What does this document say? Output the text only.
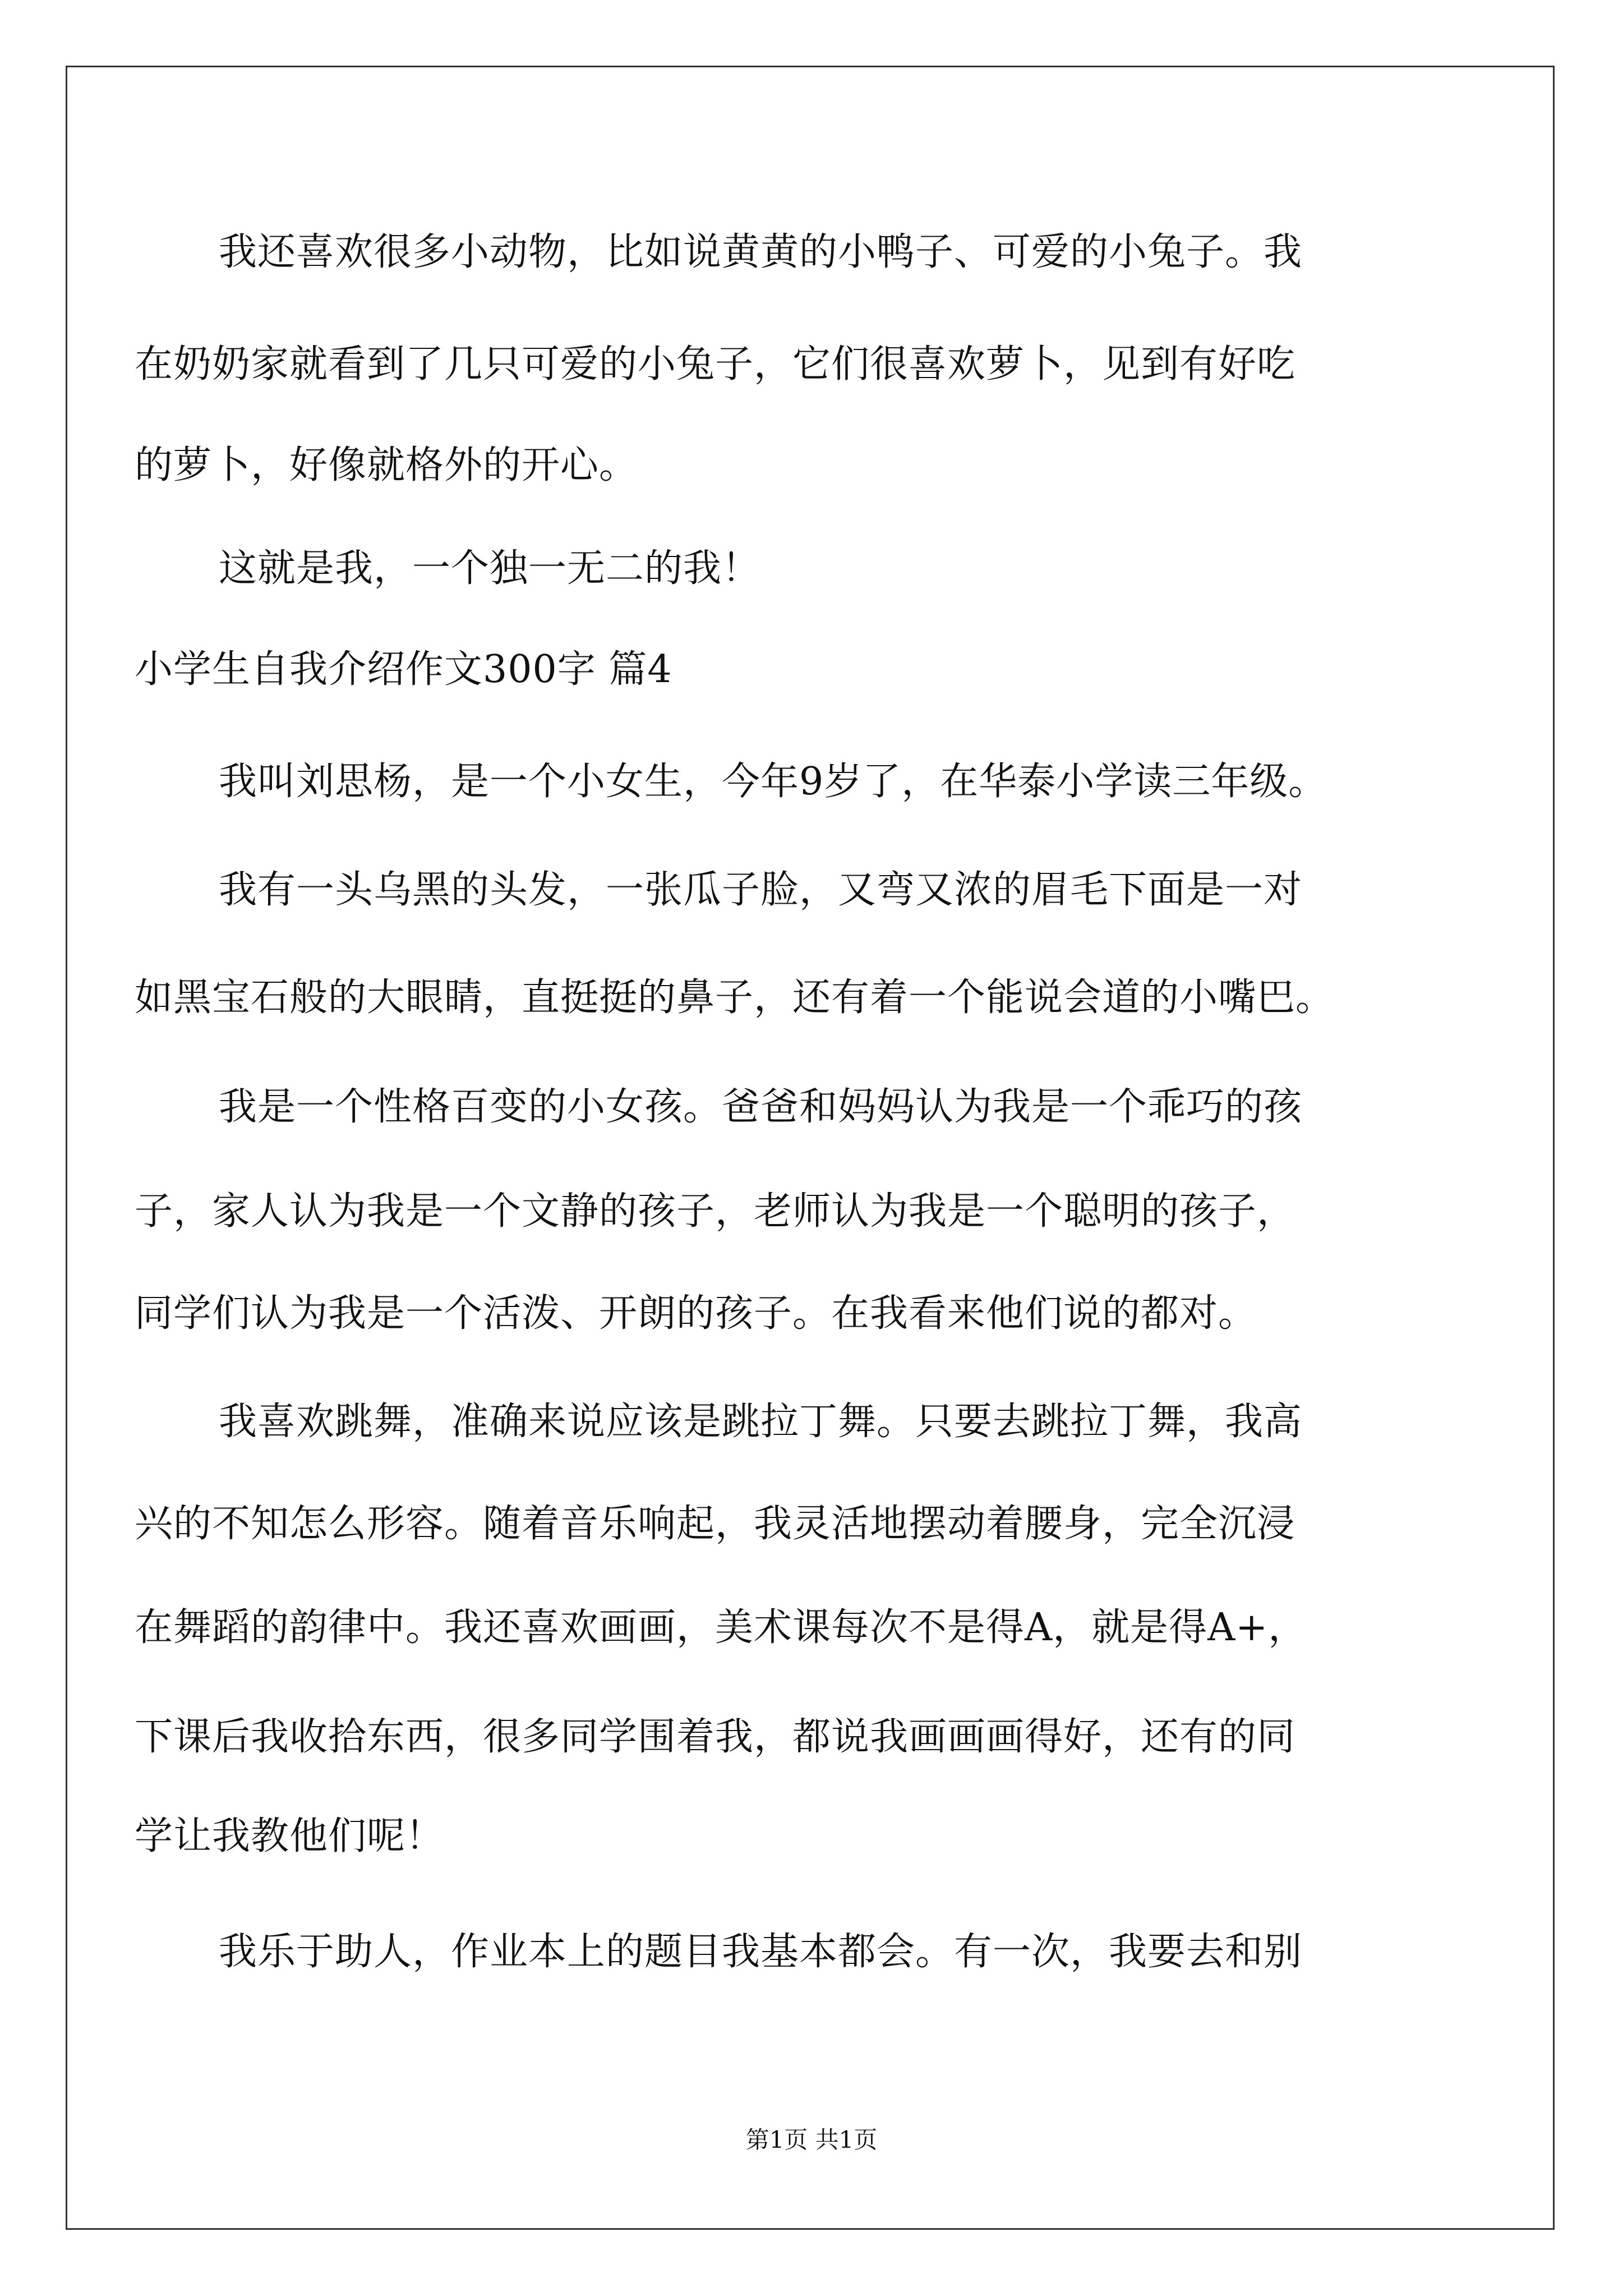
我还喜欢很多小动物，比如说黄黄的小鸭子、可爱的小兔子。我
在奶奶家就看到了几只可爱的小兔子，它们很喜欢萝卜，见到有好吃
的萝卜，好像就格外的开心。
这就是我，一个独一无二的我！
小学生自我介绍作文300字 篇4
我叫刘思杨，是一个小女生，今年9岁了，在华泰小学读三年级。
我有一头乌黑的头发，一张瓜子脸，又弯又浓的眉毛下面是一对
如黑宝石般的大眼睛，直挺挺的鼻子，还有着一个能说会道的小嘴巴。
我是一个性格百变的小女孩。爸爸和妈妈认为我是一个乖巧的孩
子，家人认为我是一个文静的孩子，老师认为我是一个聪明的孩子，
同学们认为我是一个活泼、开朗的孩子。在我看来他们说的都对。
我喜欢跳舞，准确来说应该是跳拉丁舞。只要去跳拉丁舞，我高
兴的不知怎么形容。随着音乐响起，我灵活地摆动着腰身，完全沉浸
在舞蹈的韵律中。我还喜欢画画，美术课每次不是得A，就是得A+，
下课后我收拾东西，很多同学围着我，都说我画画画得好，还有的同
学让我教他们呢！
我乐于助人，作业本上的题目我基本都会。有一次，我要去和别
第1页 共1页
